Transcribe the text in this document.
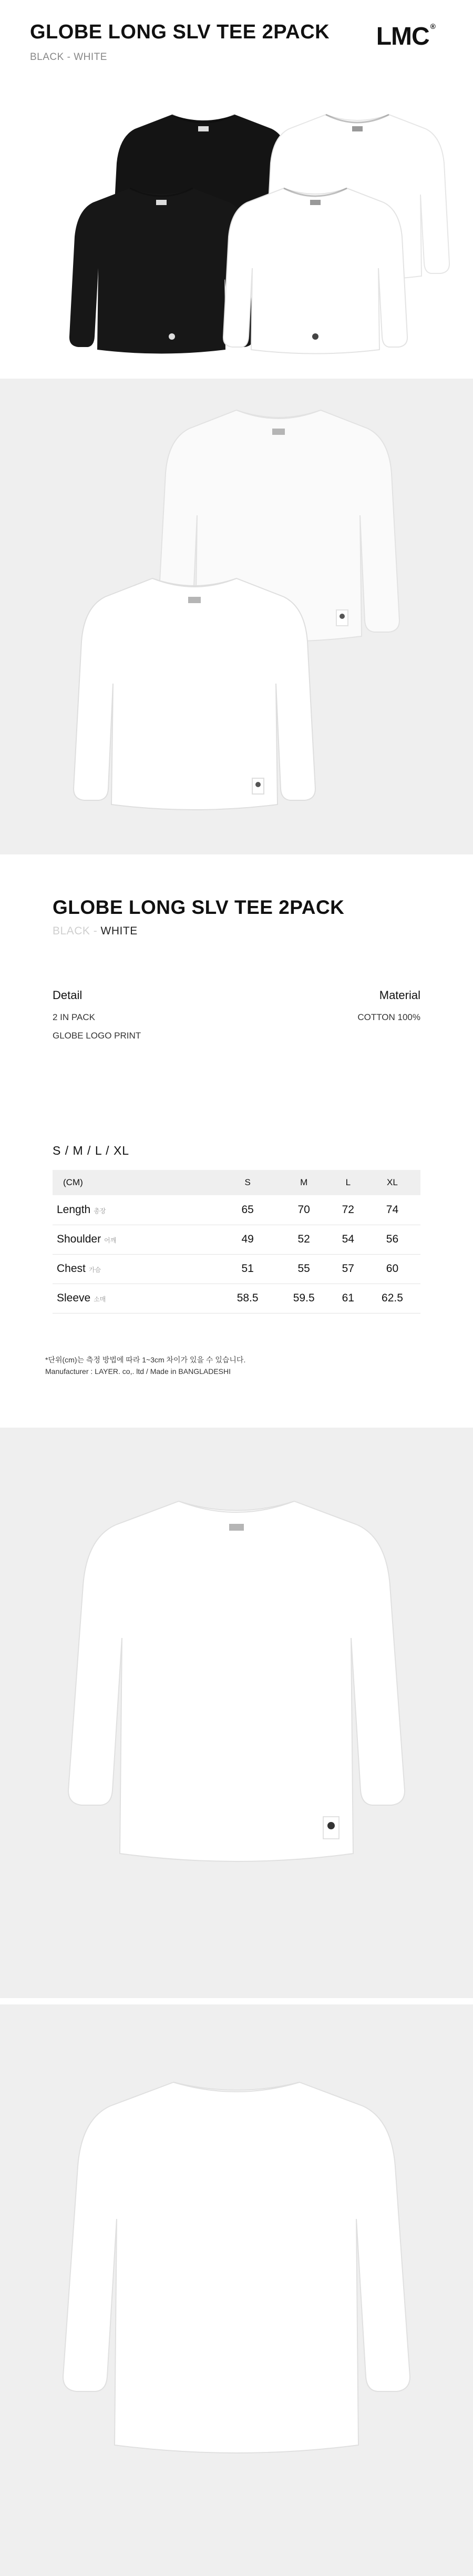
GLOBE LONG SLV TEE 2PACK
BLACK - WHITE
LMC ®
GLOBE LONG SLV TEE 2PACK
BLACK - WHITE
Detail
2 IN PACK
GLOBE LOGO PRINT
Material
COTTON 100%
S / M / L / XL
(CM)	S	M	L	XL
Length 총장	65	70	72	74
Shoulder 어깨	49	52	54	56
Chest 가슴	51	55	57	60
Sleeve 소매	58.5	59.5	61	62.5
*단위(cm)는 측정 방법에 따라 1~3cm 차이가 있을 수 있습니다.
Manufacturer : LAYER. co,. ltd / Made in BANGLADESHI
